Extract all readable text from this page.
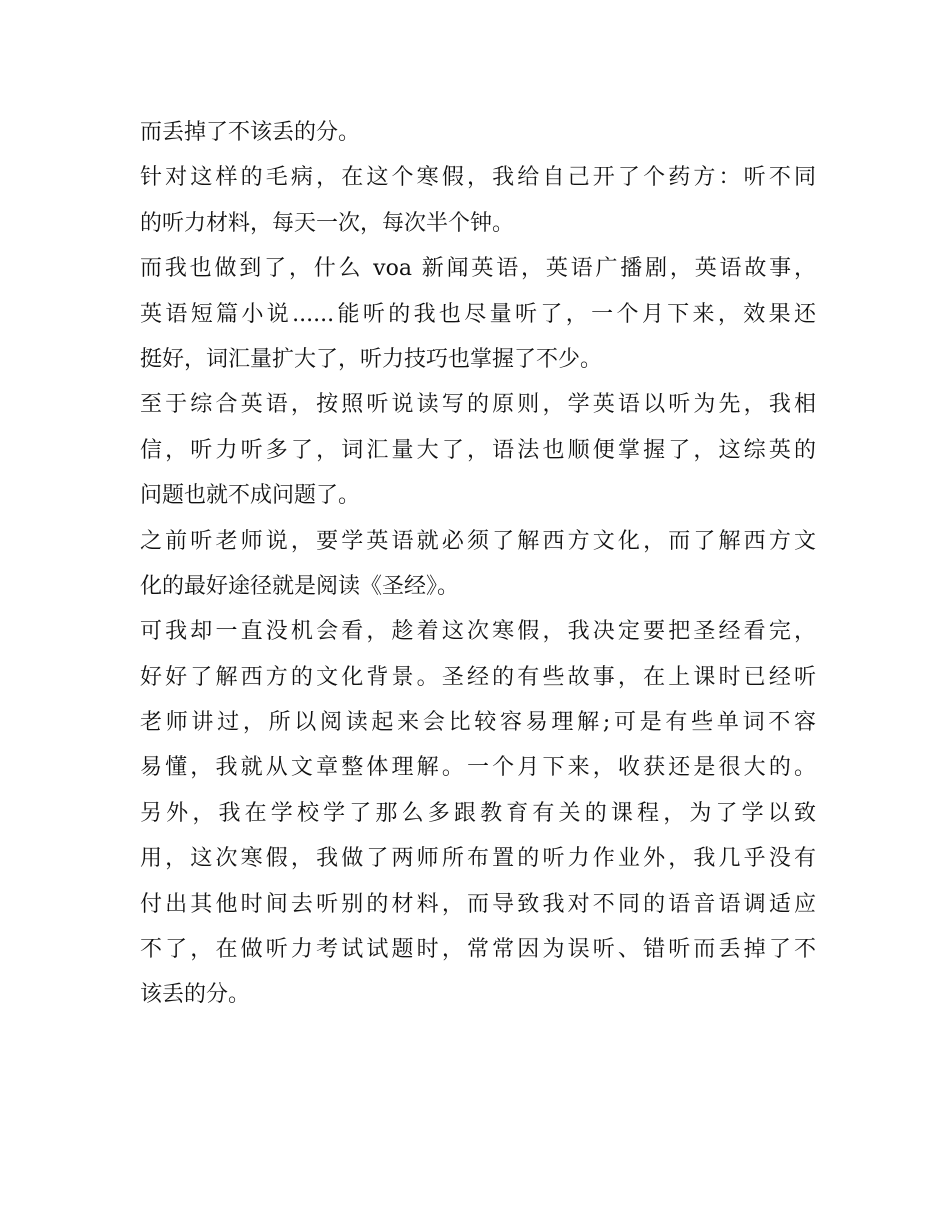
而丢掉了不该丢的分。
针对这样的毛病，在这个寒假，我给自己开了个药方：听不同
的听力材料，每天一次，每次半个钟。
而我也做到了，什么 voa 新闻英语，英语广播剧，英语故事，
英语短篇小说......能听的我也尽量听了，一个月下来，效果还
挺好，词汇量扩大了，听力技巧也掌握了不少。
至于综合英语，按照听说读写的原则，学英语以听为先，我相
信，听力听多了，词汇量大了，语法也顺便掌握了，这综英的
问题也就不成问题了。
之前听老师说，要学英语就必须了解西方文化，而了解西方文
化的最好途径就是阅读《圣经》。
可我却一直没机会看，趁着这次寒假，我决定要把圣经看完，
好好了解西方的文化背景。圣经的有些故事，在上课时已经听
老师讲过，所以阅读起来会比较容易理解;可是有些单词不容
易懂，我就从文章整体理解。一个月下来，收获还是很大的。
另外，我在学校学了那么多跟教育有关的课程，为了学以致
用，这次寒假，我做了两师所布置的听力作业外，我几乎没有
付出其他时间去听别的材料，而导致我对不同的语音语调适应
不了，在做听力考试试题时，常常因为误听、错听而丢掉了不
该丢的分。
